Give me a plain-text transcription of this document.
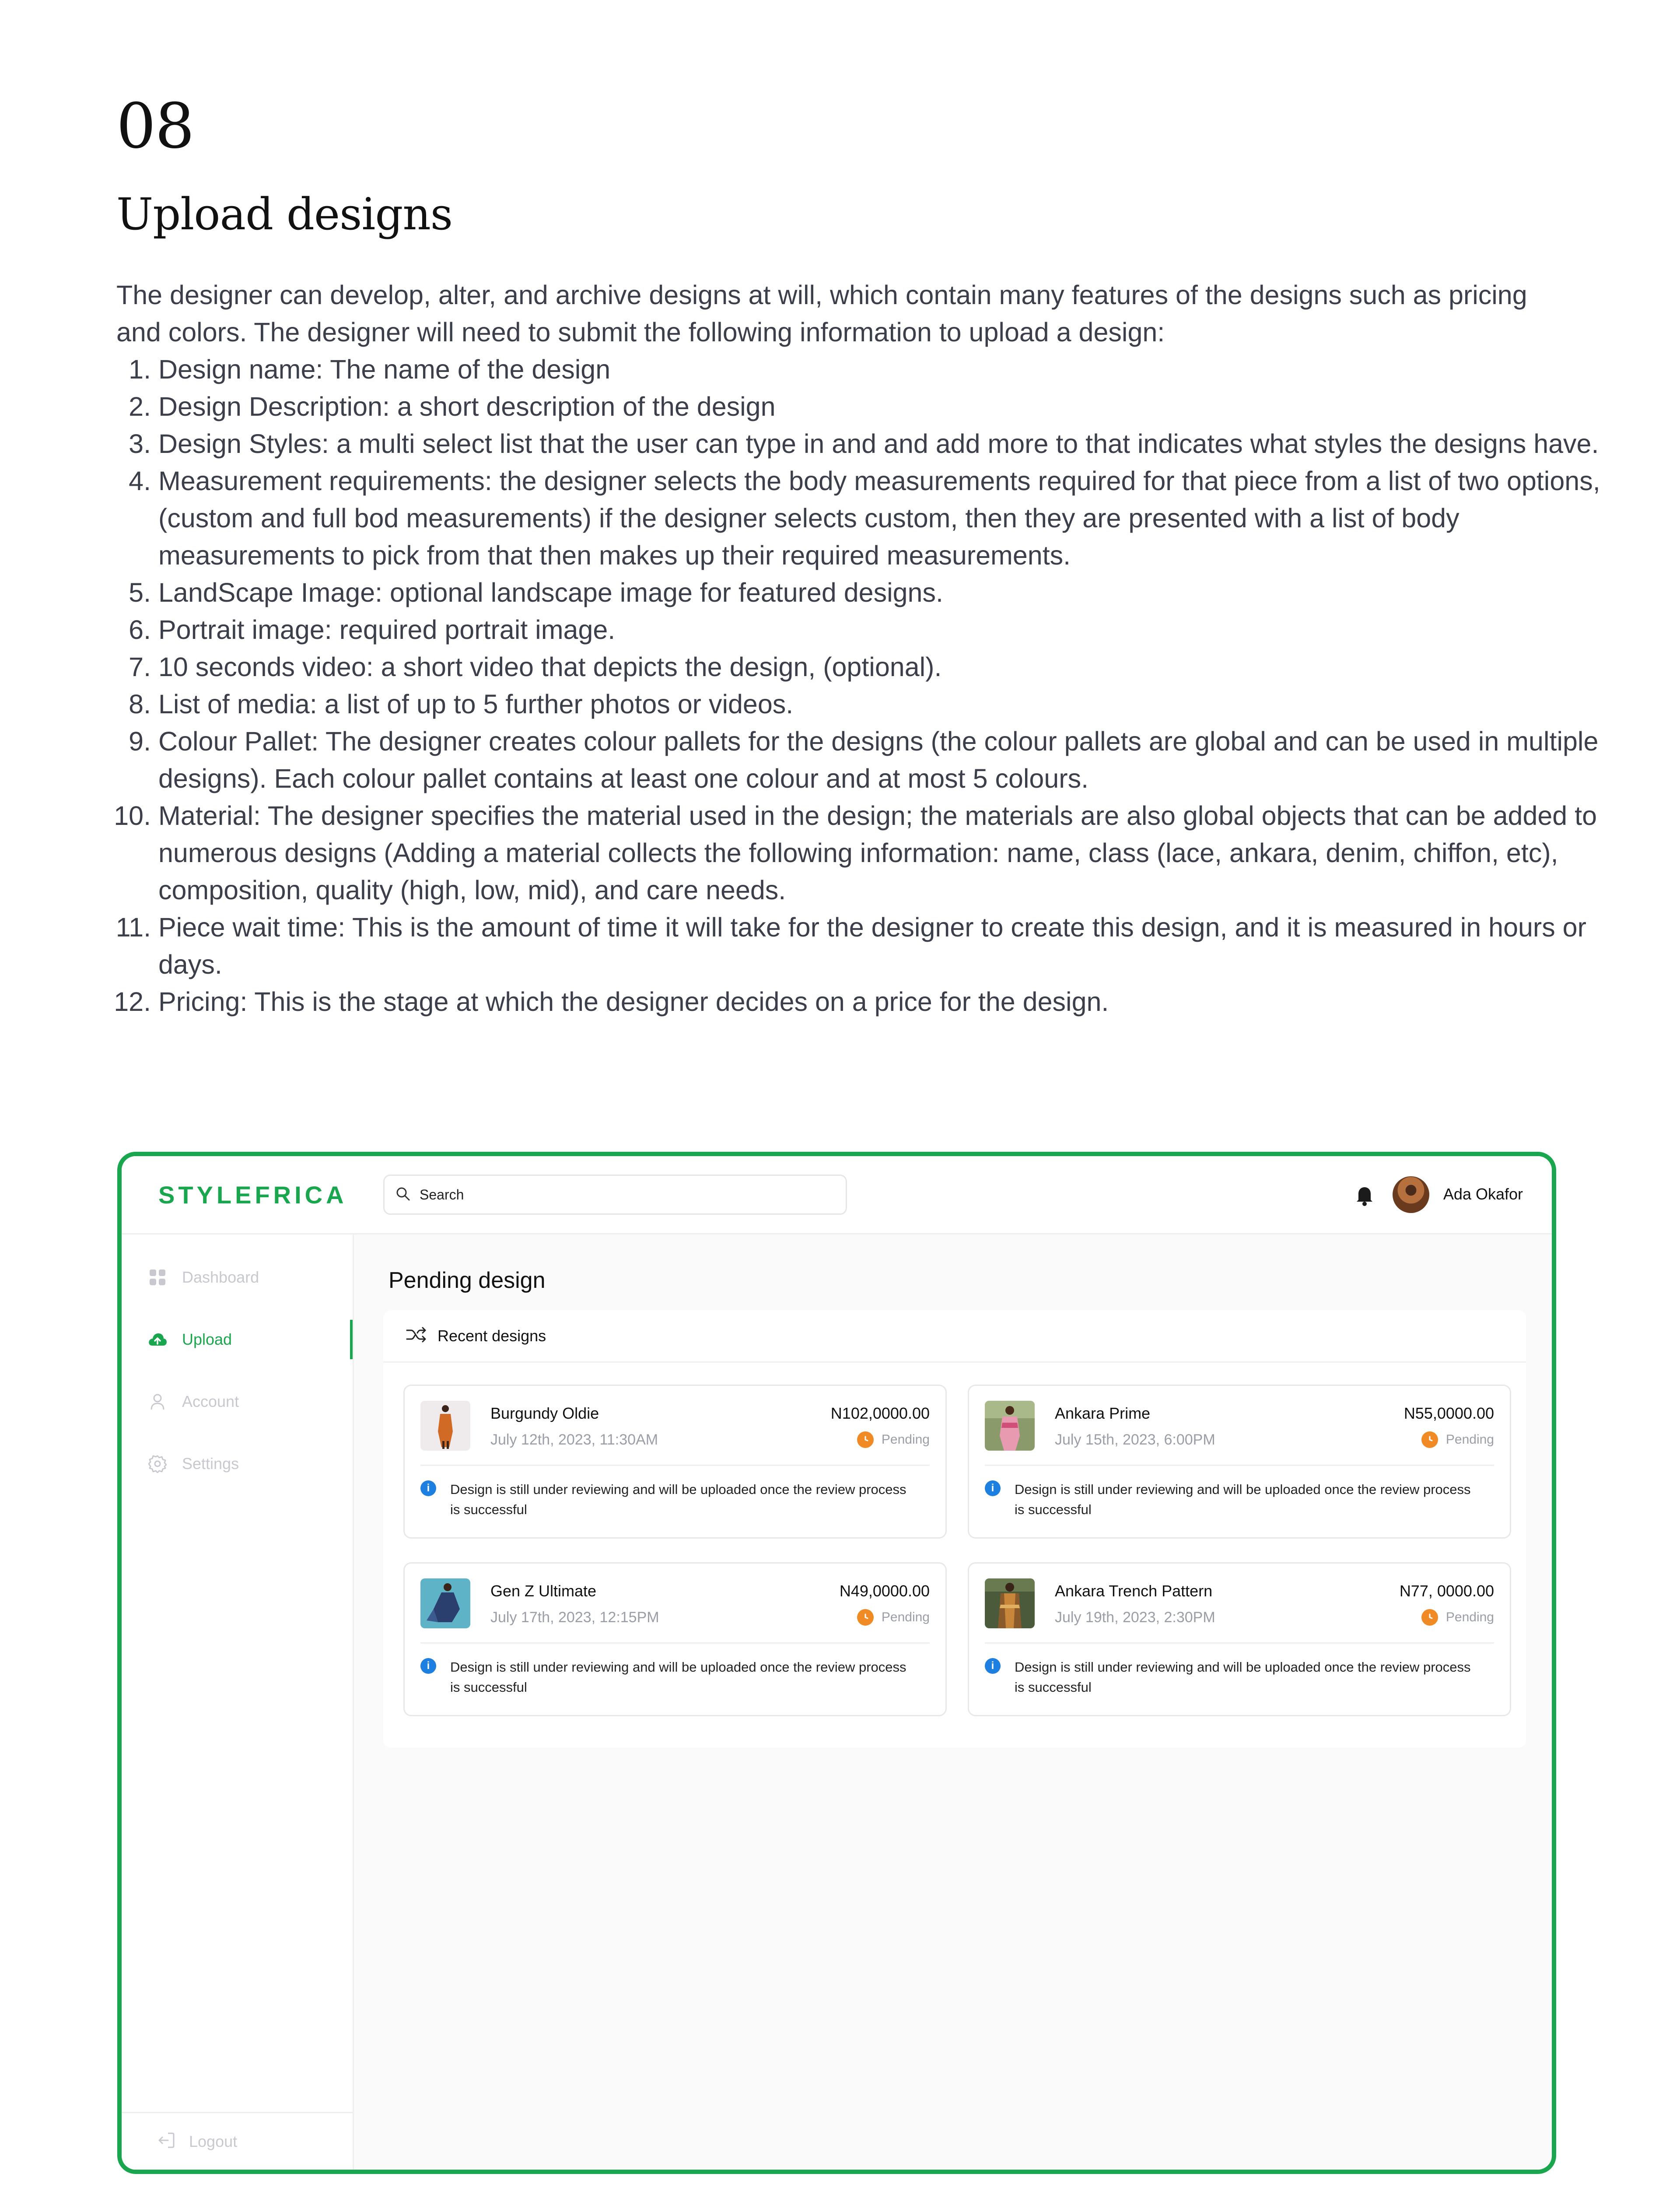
08
Upload designs

The designer can develop, alter, and archive designs at will, which contain many features of the designs such as pricing and colors. The designer will need to submit the following information to upload a design:

1. Design name: The name of the design
2. Design Description: a short description of the design
3. Design Styles: a multi select list that the user can type in and and add more to that indicates what styles the designs have.
4. Measurement requirements: the designer selects the body measurements required for that piece from a list of two options, (custom and full bod measurements) if the designer selects custom, then they are presented with a list of body measurements to pick from that then makes up their required measurements.
5. LandScape Image: optional landscape image for featured designs.
6. Portrait image: required portrait image.
7. 10 seconds video: a short video that depicts the design, (optional).
8. List of media: a list of up to 5 further photos or videos.
9. Colour Pallet: The designer creates colour pallets for the designs (the colour pallets are global and can be used in multiple designs). Each colour pallet contains at least one colour and at most 5 colours.
10. Material: The designer specifies the material used in the design; the materials are also global objects that can be added to numerous designs (Adding a material collects the following information: name, class (lace, ankara, denim, chiffon, etc), composition, quality (high, low, mid), and care needs.
11. Piece wait time: This is the amount of time it will take for the designer to create this design, and it is measured in hours or days.
12. Pricing: This is the stage at which the designer decides on a price for the design.
STYLEFRICA
Dashboard
Upload
Account
Settings
Logout
Search
Ada Okafor
Pending design
Recent designs
Burgundy Oldie
July 12th, 2023, 11:30AM
N102,0000.00
Pending
i	Design is still under reviewing and will be uploaded once the review process is successful
Ankara Prime
July 15th, 2023, 6:00PM
N55,0000.00
Pending
i	Design is still under reviewing and will be uploaded once the review process is successful
Gen Z Ultimate
July 17th, 2023, 12:15PM
N49,0000.00
Pending
i	Design is still under reviewing and will be uploaded once the review process is successful
Ankara Trench Pattern
July 19th, 2023, 2:30PM
N77, 0000.00
Pending
i	Design is still under reviewing and will be uploaded once the review process is successful
